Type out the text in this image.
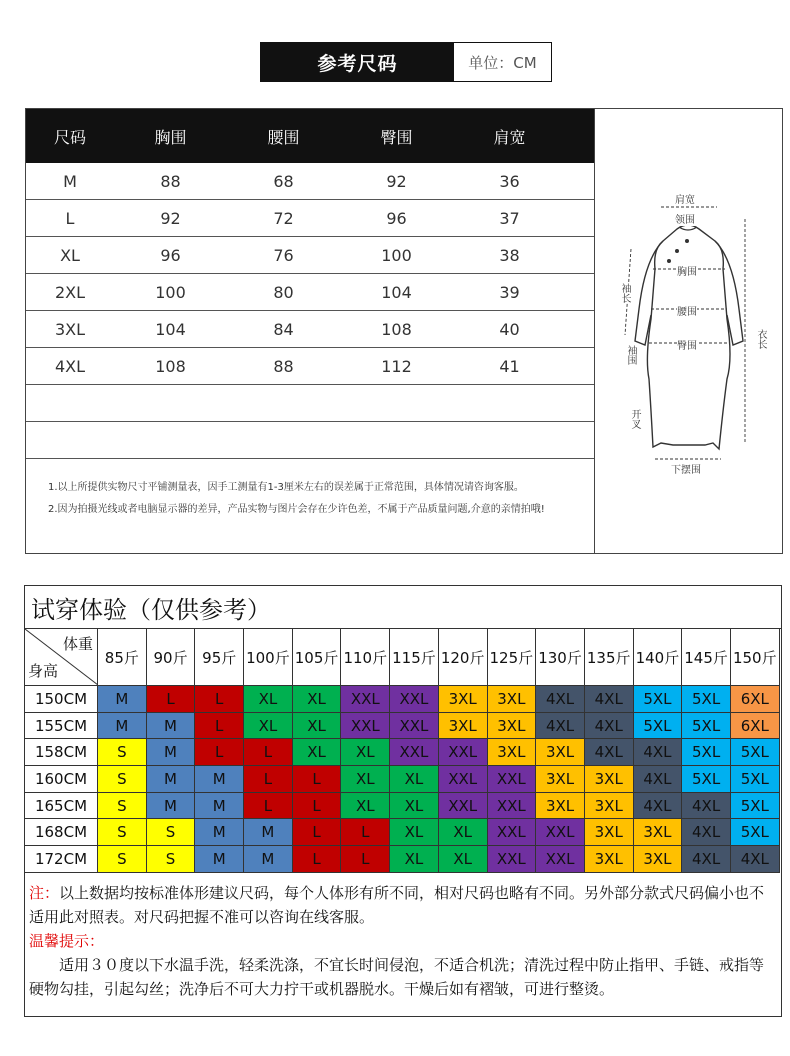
参考尺码	单位：CM
尺码	胸围	腰围	臀围	肩宽
M	88	68	92	36
L	92	72	96	37
XL	96	76	100	38
2XL	100	80	104	39
3XL	104	84	108	40
4XL	108	88	112	41
1.以上所提供实物尺寸平铺测量表，因手工测量有1-3厘米左右的误差属于正常范围，具体情况请咨询客服。
2.因为拍摄光线或者电脑显示器的差异，产品实物与图片会存在少许色差，不属于产品质量问题,介意的亲情拍哦!
肩宽
领围
胸围
腰围
臀围
袖长
袖围
衣长
开叉
下摆围
试穿体验（仅供参考）
体重
身高
85斤 90斤 95斤 100斤 105斤 110斤 115斤 120斤 125斤 130斤 135斤 140斤 145斤 150斤
150CM	M	L	L	XL	XL	XXL	XXL	3XL	3XL	4XL	4XL	5XL	5XL	6XL
155CM	M	M	L	XL	XL	XXL	XXL	3XL	3XL	4XL	4XL	5XL	5XL	6XL
158CM	S	M	L	L	XL	XL	XXL	XXL	3XL	3XL	4XL	4XL	5XL	5XL
160CM	S	M	M	L	L	XL	XL	XXL	XXL	3XL	3XL	4XL	5XL	5XL
165CM	S	M	M	L	L	XL	XL	XXL	XXL	3XL	3XL	4XL	4XL	5XL
168CM	S	S	M	M	L	L	XL	XL	XXL	XXL	3XL	3XL	4XL	5XL
172CM	S	S	M	M	L	L	XL	XL	XXL	XXL	3XL	3XL	4XL	4XL
注：以上数据均按标准体形建议尺码，每个人体形有所不同，相对尺码也略有不同。另外部分款式尺码偏小也不适用此对照表。对尺码把握不准可以咨询在线客服。
温馨提示：
适用３０度以下水温手洗，轻柔洗涤，不宜长时间侵泡，不适合机洗；清洗过程中防止指甲、手链、戒指等硬物勾挂，引起勾丝；洗净后不可大力拧干或机器脱水。干燥后如有褶皱，可进行整烫。
